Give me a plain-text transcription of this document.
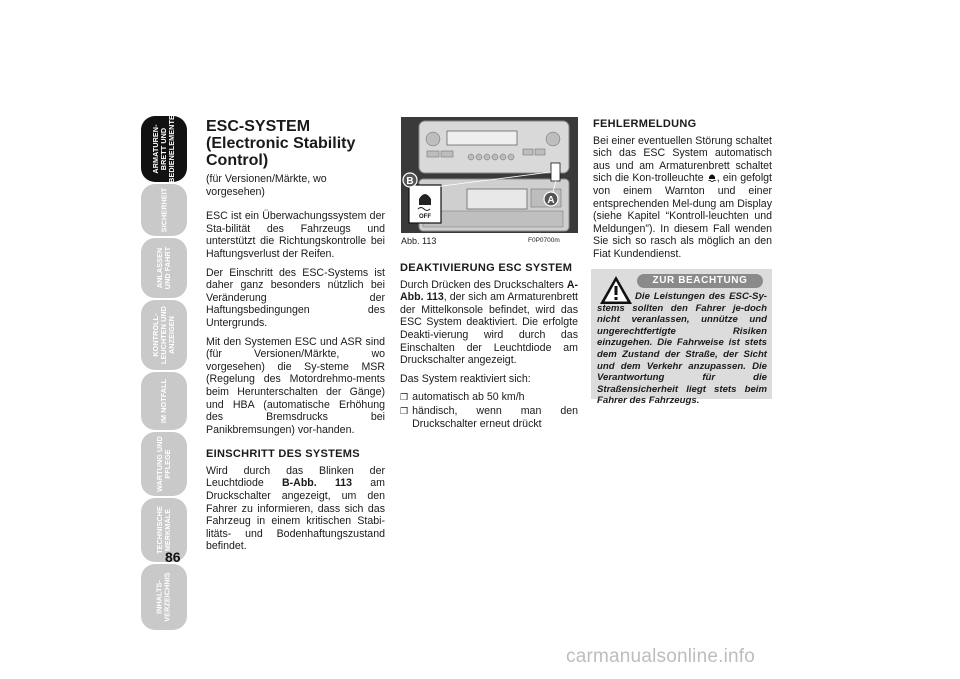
ARMATUREN-
BRETT UND
BEDIENELEMENTE
SICHERHEIT
ANLASSEN
UND FAHRT
KONTROLL-
LEUCHTEN UND
ANZEIGEN
IM NOTFALL
WARTUNG UND
PFLEGE
TECHNISCHE
MERKMALE
INHALTS-
VERZEICHNIS
86
ESC-SYSTEM
(Electronic Stability
Control)
(für Versionen/Märkte, wo vorgesehen)

ESC ist ein Überwachungssystem der Sta-bilität des Fahrzeugs und unterstützt die Richtungskontrolle bei Haftungsverlust der Reifen.

Der Einschritt des ESC-Systems ist daher ganz besonders nützlich bei Veränderung der Haftungsbedingungen des Untergrunds.

Mit den Systemen ESC und ASR sind (für Versionen/Märkte, wo vorgesehen) die Sy-steme MSR (Regelung des Motordrehmo-ments beim Herunterschalten der Gänge) und HBA (automatische Erhöhung des Bremsdrucks bei Panikbremsungen) vor-handen.

EINSCHRITT DES SYSTEMS

Wird durch das Blinken der Leuchtdiode B-Abb. 113 am Druckschalter angezeigt, um den Fahrer zu informieren, dass sich das Fahrzeug in einem kritischen Stabi-litäts- und Bodenhaftungszustand befindet.

OFF
B
A
Abb. 113	F0P0700m
DEAKTIVIERUNG ESC SYSTEM

Durch Drücken des Druckschalters A-Abb. 113, der sich am Armaturenbrett der Mittelkonsole befindet, wird das ESC System deaktiviert. Die erfolgte Deakti-vierung wird durch das Einschalten der Leuchtdiode am Druckschalter angezeigt.

Das System reaktiviert sich:

❒ automatisch ab 50 km/h
❒ händisch, wenn man den Druckschalter erneut drückt
FEHLERMELDUNG

Bei einer eventuellen Störung schaltet sich das ESC System automatisch aus und am Armaturenbrett schaltet sich die Kon-trolleuchte , ein gefolgt von einem Warnton und einer entsprechenden Mel-dung am Display (siehe Kapitel “Kontroll-leuchten und Meldungen”). In diesem Fall wenden Sie sich so rasch als möglich an den Fiat Kundendienst.

ZUR BEACHTUNG
Die Leistungen des ESC-Sy-stems sollten den Fahrer je-doch nicht veranlassen, unnütze und ungerechtfertigte Risiken einzugehen. Die Fahrweise ist stets dem Zustand der Straße, der Sicht und dem Verkehr anzupassen. Die Verantwortung für die Straßensicherheit liegt stets beim Fahrer des Fahrzeugs.
carmanualsonline.info
